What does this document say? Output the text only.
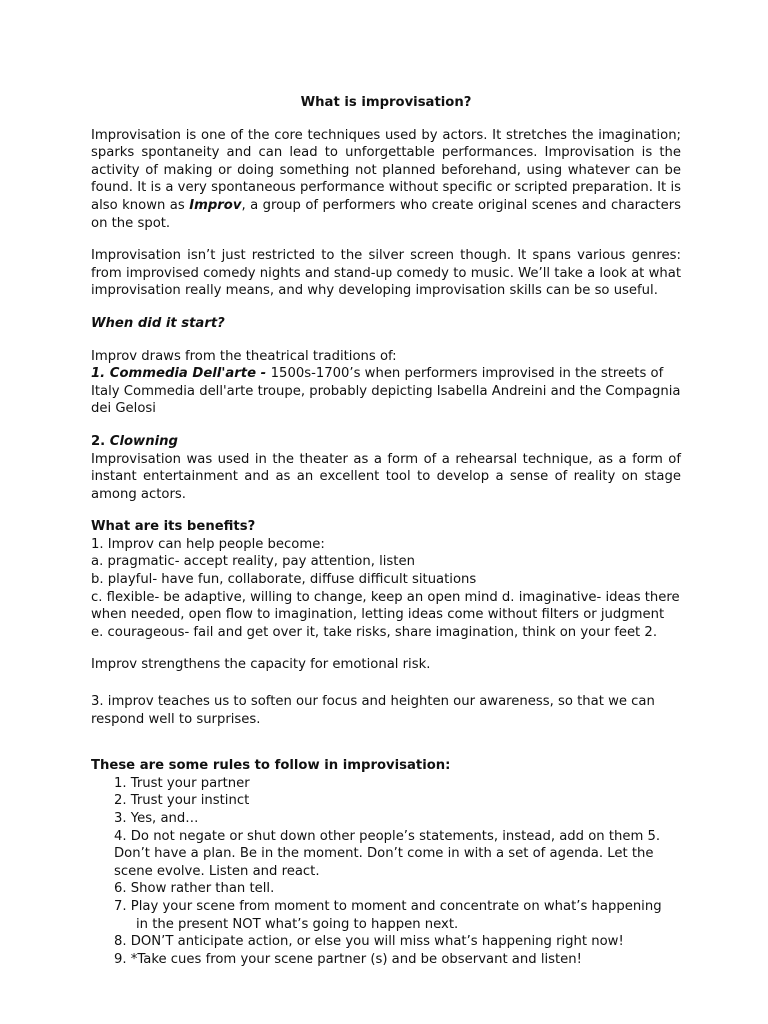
What is improvisation?

Improvisation is one of the core techniques used by actors. It stretches the imagination; sparks spontaneity and can lead to unforgettable performances. Improvisation is the activity of making or doing something not planned beforehand, using whatever can be found. It is a very spontaneous performance without specific or scripted preparation. It is also known as Improv, a group of performers who create original scenes and characters on the spot.

Improvisation isn’t just restricted to the silver screen though. It spans various genres: from improvised comedy nights and stand-up comedy to music. We’ll take a look at what improvisation really means, and why developing improvisation skills can be so useful.

When did it start?

Improv draws from the theatrical traditions of:

1. Commedia Dell'arte - 1500s-1700’s when performers improvised in the streets of Italy Commedia dell'arte troupe, probably depicting Isabella Andreini and the Compagnia dei Gelosi

2. Clowning

Improvisation was used in the theater as a form of a rehearsal technique, as a form of instant entertainment and as an excellent tool to develop a sense of reality on stage among actors.

What are its benefits?

1. Improv can help people become:

a. pragmatic- accept reality, pay attention, listen

b. playful- have fun, collaborate, diffuse difficult situations

c. flexible- be adaptive, willing to change, keep an open mind d. imaginative- ideas there when needed, open flow to imagination, letting ideas come without filters or judgment

e. courageous- fail and get over it, take risks, share imagination, think on your feet 2.

Improv strengthens the capacity for emotional risk.

3. improv teaches us to soften our focus and heighten our awareness, so that we can respond well to surprises.

These are some rules to follow in improvisation:

1. Trust your partner
2. Trust your instinct
3. Yes, and…
4. Do not negate or shut down other people’s statements, instead, add on them 5. Don’t have a plan. Be in the moment. Don’t come in with a set of agenda. Let the scene evolve. Listen and react.
6. Show rather than tell.
7. Play your scene from moment to moment and concentrate on what’s happening
in the present NOT what’s going to happen next.
8. DON’T anticipate action, or else you will miss what’s happening right now!
9. *Take cues from your scene partner (s) and be observant and listen!
